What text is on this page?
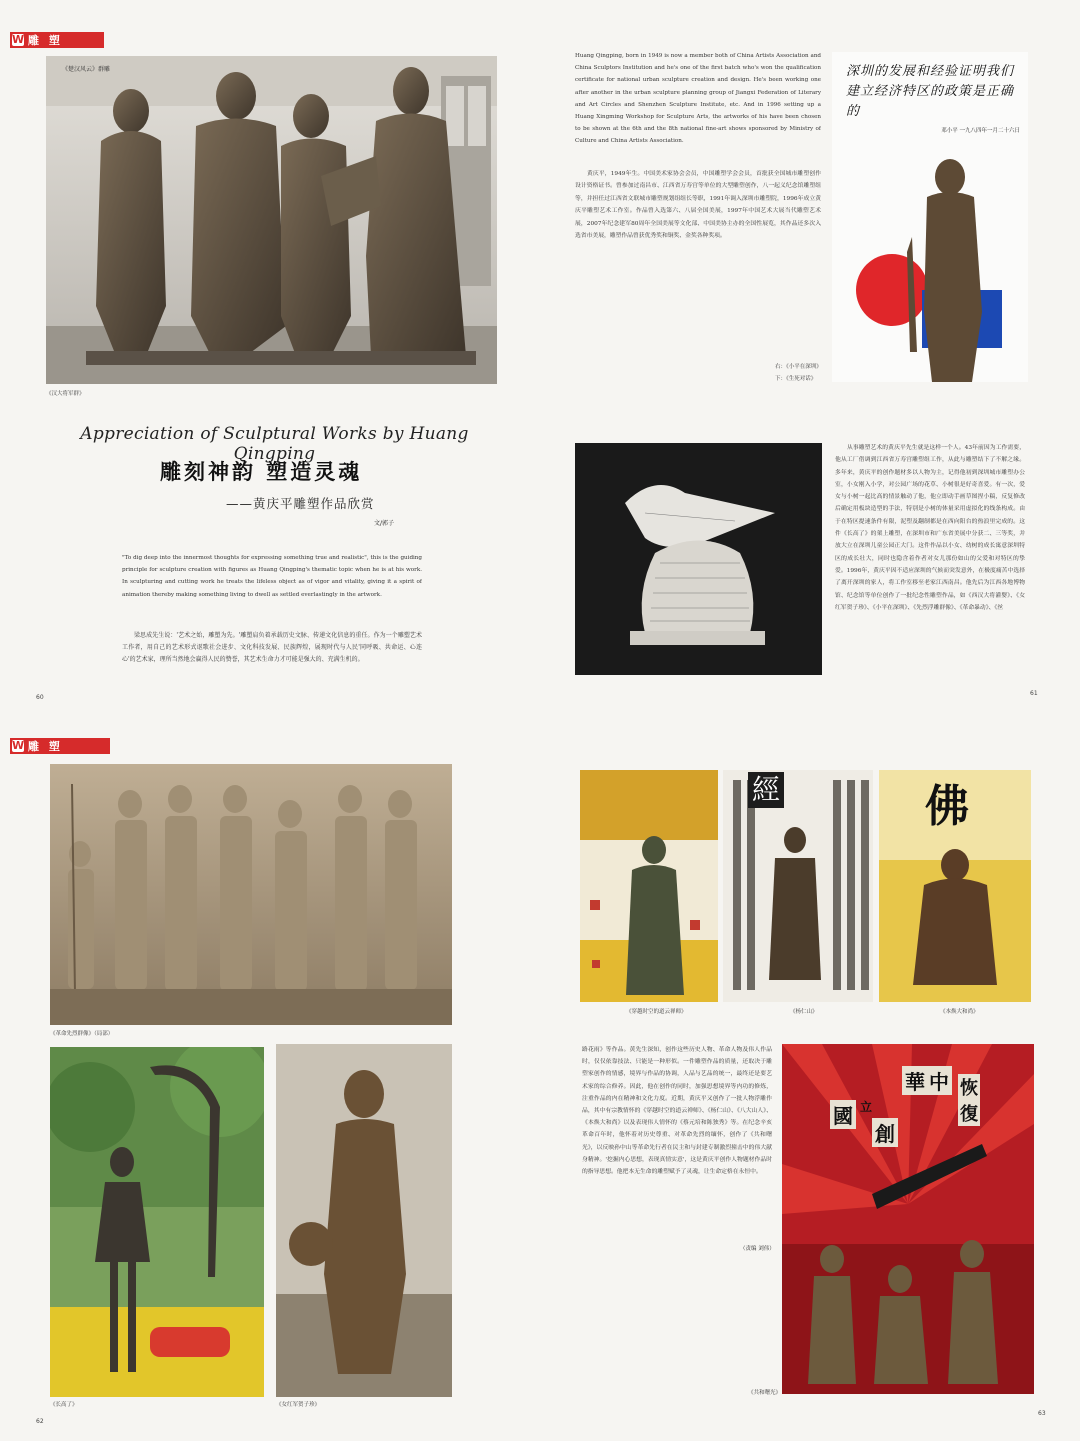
W 雕 塑
《楚汉风云》群雕
《汉大将军群》
Appreciation of Sculptural Works by Huang Qingping
雕刻神韵 塑造灵魂
——黄庆平雕塑作品欣赏
文/郭子
"To dig deep into the innermost thoughts for expressing something true and realistic", this is the guiding principle for sculpture creation with figures as Huang Qingping's thematic topic when he is at his work. In sculpturing and cutting work he treats the lifeless object as of vigor and vitality, giving it a spirit of animation thereby making something living to dwell as settled everlastingly in the artwork.
梁思成先生说：'艺术之始，雕塑为先。'雕塑肩负着承载历史文脉、传递文化信息的重任。作为一个雕塑艺术工作者，用自己的艺术形式讴歌社会进步、文化科技发展、民族辉煌，展现时代与人民'同呼吸、共命运、心连心'的艺术家，理所当然地会赢得人民的赞誉，其艺术生命力才可能是强大的、充满生机的。
60
Huang Qingping, born in 1949 is now a member both of China Artists Association and China Sculptors Institution and he's one of the first batch who's won the qualification certificate for national urban sculpture creation and design. He's been working one after another in the urban sculpture planning group of Jiangxi Federation of Literary and Art Circles and Shenzhen Sculpture Institute, etc. And in 1996 setting up a Huang Xingming Workshop for Sculpture Arts, the artworks of his have been chosen to be shown at the 6th and the 8th national fine-art shows sponsored by Ministry of Culture and China Artists Association.
黄庆平，1949年生。中国美术家协会会员，中国雕塑学会会员，首批获全国城市雕塑创作设计资格证书。曾参加过南昌市、江西省万寿宫等单位的大型雕塑创作，八一起义纪念馆雕塑组等，并担任过江西省文联城市雕塑规划组组长等职，1991年调入深圳市雕塑院，1996年成立黄庆平雕塑艺术工作室。作品曾入选第六、八届全国美展，1997年中国艺术大展当代雕塑艺术展，2007年纪念建军80周年全国美展等文化部、中国美协主办的全国性展览，其作品还多次入选省市美展，雕塑作品曾获优秀奖和铜奖、金奖各种奖项。
深圳的发展和经验证明我们建立经济特区的政策是正确的
邓小平 一九八四年一月二十六日
右：《小平在深圳》
下：《生死对话》
从事雕塑艺术的黄庆平先生就是这样一个人。43年前因为工作需要，他从工厂借调到江西省万寿宫雕塑组工作，从此与雕塑结下了不解之缘。多年来，黄庆平的创作题材多以人物为主，记得他初到深圳城市雕塑办公室，小女刚入小学，对公园广场的花草、小树很是好奇喜爱。有一次，爱女与小树一起比高的情景触动了他，他立即动手画草图捏小稿，反复修改后确定用板块造型的手法，特别是小树的体量采用虚拟化的线条构成。由于在特区提速条件有限，泥塑及翻制都是在西向阳台的热浪里完成的。这件《长高了》的架上雕塑，在深圳市和广东省美展中分获二、三等奖，并放大立在深圳儿童公园正大门。这件作品以小女、幼树的成长寓意深圳特区的成长壮大，同时也隐含着作者对女儿那份如山的父爱和对特区的挚爱。1996年，黄庆平因不适应深圳的气候而突发意外，在极度痛苦中选择了离开深圳的家人，将工作室移至老家江西南昌。他先后为江西各地博物馆、纪念馆等单位创作了一批纪念性雕塑作品，如《西汉大将灌婴》、《女红军贺子珍》、《小平在深圳》、《先烈浮雕群像》、《革命暴动》、《丝
61
W 雕 塑
《革命先烈群像》（局部）
《长高了》	《女红军贺子珍》
62
經	佛
《穿越时空的道云禅师》	《杨仁山》	《本焕大和尚》
路花雨》等作品。黄先生深知，创作这些历史人物、革命人物及伟人作品时，仅仅依靠技法、只能是一种形似。一件雕塑作品的质量，还取决于雕塑家创作的情感，境界与作品的协调，人品与艺品的统一，最终还是要艺术家的综合修养。因此，他在创作的同时，加强思想境界等内功的修炼，注重作品的内在精神和文化力度。近期，黄庆平又创作了一批人物浮雕作品，其中有宗教情怀的《穿越时空的道云禅师》、《杨仁山》、《八大山人》、《本焕大和尚》以及表现伟人情怀的《蔡元培和陈独秀》等。在纪念辛亥革命百年时，他怀着对历史尊重、对革命先烈的缅怀，创作了《共和曙光》，以反映孙中山等革命先行者在民主和与封建专制激烈撞击中的伟大献身精神。'挖掘内心思想，表现真情实意'，这是黄庆平创作人物题材作品时的指导思想。他把本无生命的雕塑赋予了灵魂，让生命定格在永恒中。
（责编 刘伟）
華 中 恢
復
國 立
創
《共和曙光》
63
